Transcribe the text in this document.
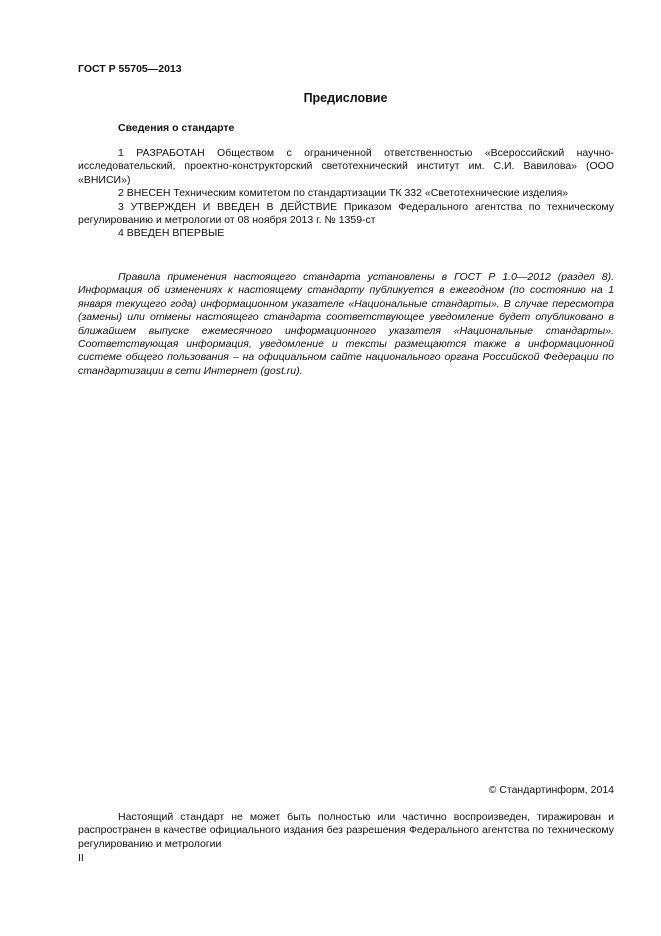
ГОСТ Р 55705—2013
Предисловие
Сведения о стандарте

1 РАЗРАБОТАН Обществом с ограниченной ответственностью «Всероссийский научно-исследовательский, проектно-конструкторский светотехнический институт им. С.И. Вавилова» (ООО «ВНИСИ»)

2 ВНЕСЕН Техническим комитетом по стандартизации ТК 332 «Светотехнические изделия»

3 УТВЕРЖДЕН И ВВЕДЕН В ДЕЙСТВИЕ Приказом Федерального агентства по техническому регулированию и метрологии от 08 ноября 2013 г. № 1359-ст

4 ВВЕДЕН ВПЕРВЫЕ

Правила применения настоящего стандарта установлены в ГОСТ Р 1.0—2012 (раздел 8). Информация об изменениях к настоящему стандарту публикуется в ежегодном (по состоянию на 1 января текущего года) информационном указателе «Национальные стандарты». В случае пересмотра (замены) или отмены настоящего стандарта соответствующее уведомление будет опубликовано в ближайшем выпуске ежемесячного информационного указателя «Национальные стандарты». Соответствующая информация, уведомление и тексты размещаются также в информационной системе общего пользования – на официальном сайте национального органа Российской Федерации по стандартизации в сети Интернет (gost.ru).

© Стандартинформ, 2014

Настоящий стандарт не может быть полностью или частично воспроизведен, тиражирован и распространен в качестве официального издания без разрешения Федерального агентства по техническому регулированию и метрологии

II
